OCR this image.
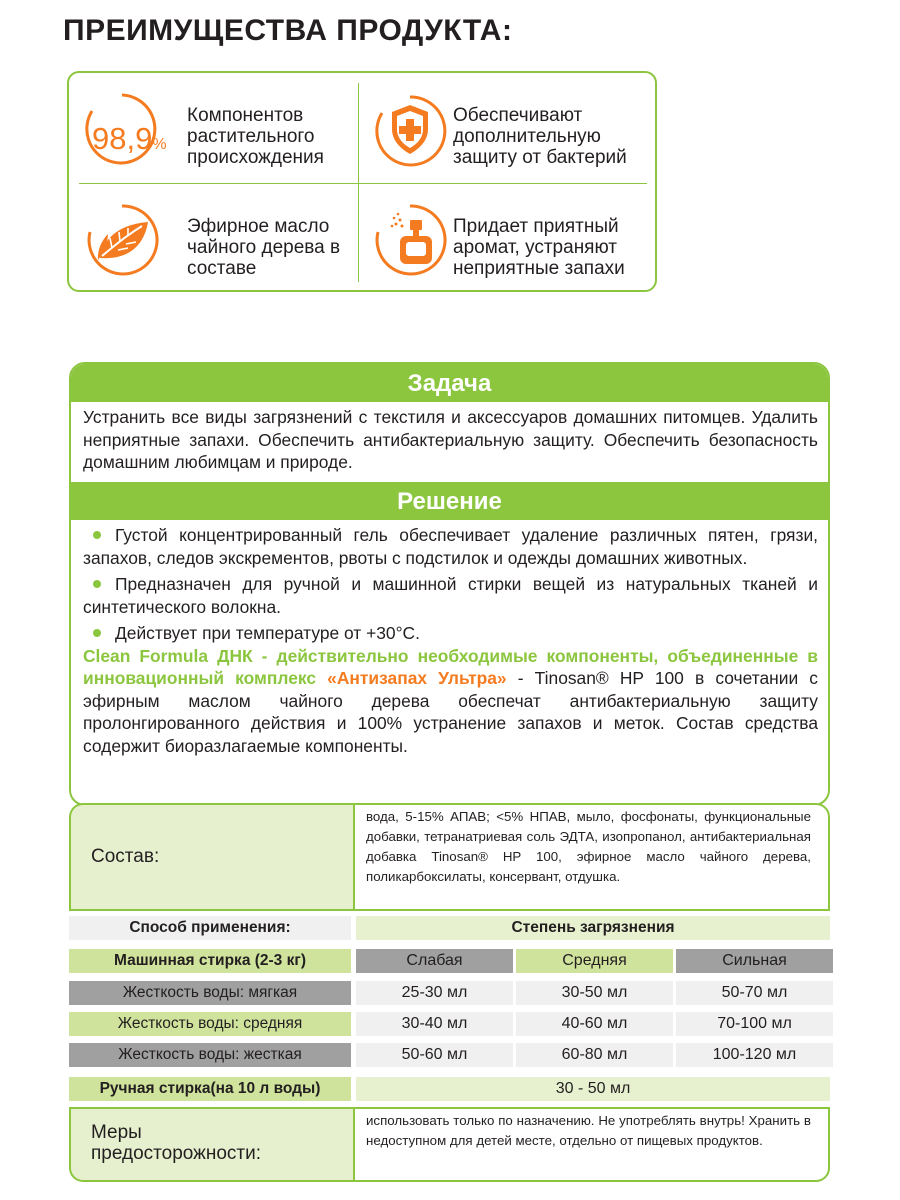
ПРЕИМУЩЕСТВА ПРОДУКТА:
98,9%
Компонентов растительного происхождения
Обеспечивают дополнительную защиту от бактерий
Эфирное масло чайного дерева в составе
Придает приятный аромат, устраняют неприятные запахи
Задача
Устранить все виды загрязнений с текстиля и аксессуаров домашних питомцев. Удалить неприятные запахи. Обеспечить антибактериальную защиту. Обеспечить безопасность домашним любимцам и природе.
Решение
Густой концентрированный гель обеспечивает удаление различных пятен, грязи, запахов, следов экскрементов, рвоты с подстилок и одежды домашних животных.
Предназначен для ручной и машинной стирки вещей из натуральных тканей и синтетического волокна.
Действует при температуре от +30°С.
Clean Formula ДНК - действительно необходимые компоненты, объединенные в инновационный комплекс «Антизапах Ультра» - Tinosan® HP 100 в сочетании с эфирным маслом чайного дерева обеспечат антибактериальную защиту пролонгированного действия и 100% устранение запахов и меток. Состав средства содержит биоразлагаемые компоненты.
Состав:
вода, 5-15% АПАВ; <5% НПАВ, мыло, фосфонаты, функциональные добавки, тетранатриевая соль ЭДТА, изопропанол, антибактериальная добавка Tinosan® HP 100, эфирное масло чайного дерева, поликарбоксилаты, консервант, отдушка.
Способ применения:	Степень загрязнения
Машинная стирка (2-3 кг)	Слабая	Средняя	Сильная
Жесткость воды: мягкая	25-30 мл	30-50 мл	50-70 мл
Жесткость воды: средняя	30-40 мл	40-60 мл	70-100 мл
Жесткость воды: жесткая	50-60 мл	60-80 мл	100-120 мл
Ручная стирка(на 10 л воды)	30 - 50 мл
Меры предосторожности:
использовать только по назначению. Не употреблять внутрь! Хранить в недоступном для детей месте, отдельно от пищевых продуктов.
